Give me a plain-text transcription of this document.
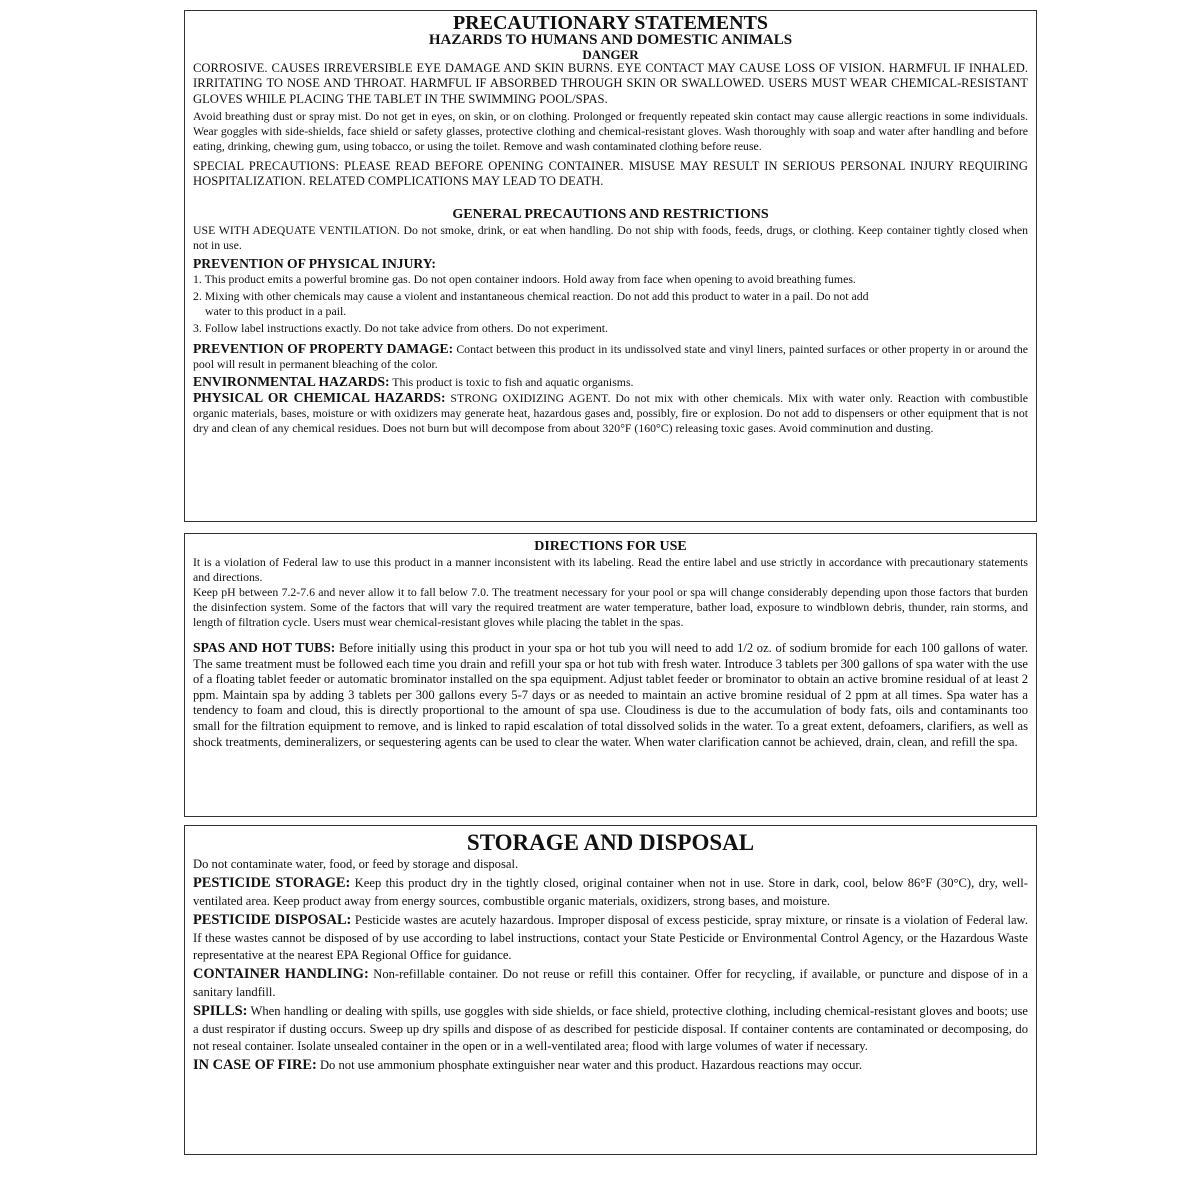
PRECAUTIONARY STATEMENTS
HAZARDS TO HUMANS AND DOMESTIC ANIMALS
DANGER

CORROSIVE. CAUSES IRREVERSIBLE EYE DAMAGE AND SKIN BURNS. EYE CONTACT MAY CAUSE LOSS OF VISION. HARMFUL IF INHALED. IRRITATING TO NOSE AND THROAT. HARMFUL IF ABSORBED THROUGH SKIN OR SWALLOWED. USERS MUST WEAR CHEMICAL-RESISTANT GLOVES WHILE PLACING THE TABLET IN THE SWIMMING POOL/SPAS.

Avoid breathing dust or spray mist. Do not get in eyes, on skin, or on clothing. Prolonged or frequently repeated skin contact may cause allergic reactions in some individuals. Wear goggles with side-shields, face shield or safety glasses, protective clothing and chemical-resistant gloves. Wash thoroughly with soap and water after handling and before eating, drinking, chewing gum, using tobacco, or using the toilet. Remove and wash contaminated clothing before reuse.

SPECIAL PRECAUTIONS: PLEASE READ BEFORE OPENING CONTAINER. MISUSE MAY RESULT IN SERIOUS PERSONAL INJURY REQUIRING HOSPITALIZATION. RELATED COMPLICATIONS MAY LEAD TO DEATH.

GENERAL PRECAUTIONS AND RESTRICTIONS

USE WITH ADEQUATE VENTILATION. Do not smoke, drink, or eat when handling. Do not ship with foods, feeds, drugs, or clothing. Keep container tightly closed when not in use.

PREVENTION OF PHYSICAL INJURY:
1. This product emits a powerful bromine gas. Do not open container indoors. Hold away from face when opening to avoid breathing fumes.
2. Mixing with other chemicals may cause a violent and instantaneous chemical reaction. Do not add this product to water in a pail. Do not add
water to this product in a pail.
3. Follow label instructions exactly. Do not take advice from others. Do not experiment.

PREVENTION OF PROPERTY DAMAGE: Contact between this product in its undissolved state and vinyl liners, painted surfaces or other property in or around the pool will result in permanent bleaching of the color.

ENVIRONMENTAL HAZARDS: This product is toxic to fish and aquatic organisms.

PHYSICAL OR CHEMICAL HAZARDS: STRONG OXIDIZING AGENT. Do not mix with other chemicals. Mix with water only. Reaction with combustible organic materials, bases, moisture or with oxidizers may generate heat, hazardous gases and, possibly, fire or explosion. Do not add to dispensers or other equipment that is not dry and clean of any chemical residues. Does not burn but will decompose from about 320°F (160°C) releasing toxic gases. Avoid comminution and dusting.

DIRECTIONS FOR USE

It is a violation of Federal law to use this product in a manner inconsistent with its labeling. Read the entire label and use strictly in accordance with precautionary statements and directions.

Keep pH between 7.2-7.6 and never allow it to fall below 7.0. The treatment necessary for your pool or spa will change considerably depending upon those factors that burden the disinfection system. Some of the factors that will vary the required treatment are water temperature, bather load, exposure to windblown debris, thunder, rain storms, and length of filtration cycle. Users must wear chemical-resistant gloves while placing the tablet in the spas.

SPAS AND HOT TUBS: Before initially using this product in your spa or hot tub you will need to add 1/2 oz. of sodium bromide for each 100 gallons of water. The same treatment must be followed each time you drain and refill your spa or hot tub with fresh water. Introduce 3 tablets per 300 gallons of spa water with the use of a floating tablet feeder or automatic brominator installed on the spa equipment. Adjust tablet feeder or brominator to obtain an active bromine residual of at least 2 ppm. Maintain spa by adding 3 tablets per 300 gallons every 5-7 days or as needed to maintain an active bromine residual of 2 ppm at all times. Spa water has a tendency to foam and cloud, this is directly proportional to the amount of spa use. Cloudiness is due to the accumulation of body fats, oils and contaminants too small for the filtration equipment to remove, and is linked to rapid escalation of total dissolved solids in the water. To a great extent, defoamers, clarifiers, as well as shock treatments, demineralizers, or sequestering agents can be used to clear the water. When water clarification cannot be achieved, drain, clean, and refill the spa.

STORAGE AND DISPOSAL

Do not contaminate water, food, or feed by storage and disposal.

PESTICIDE STORAGE: Keep this product dry in the tightly closed, original container when not in use. Store in dark, cool, below 86°F (30°C), dry, well-ventilated area. Keep product away from energy sources, combustible organic materials, oxidizers, strong bases, and moisture.

PESTICIDE DISPOSAL: Pesticide wastes are acutely hazardous. Improper disposal of excess pesticide, spray mixture, or rinsate is a violation of Federal law. If these wastes cannot be disposed of by use according to label instructions, contact your State Pesticide or Environmental Control Agency, or the Hazardous Waste representative at the nearest EPA Regional Office for guidance.

CONTAINER HANDLING: Non-refillable container. Do not reuse or refill this container. Offer for recycling, if available, or puncture and dispose of in a sanitary landfill.

SPILLS: When handling or dealing with spills, use goggles with side shields, or face shield, protective clothing, including chemical-resistant gloves and boots; use a dust respirator if dusting occurs. Sweep up dry spills and dispose of as described for pesticide disposal. If container contents are contaminated or decomposing, do not reseal container. Isolate unsealed container in the open or in a well-ventilated area; flood with large volumes of water if necessary.

IN CASE OF FIRE: Do not use ammonium phosphate extinguisher near water and this product. Hazardous reactions may occur.
